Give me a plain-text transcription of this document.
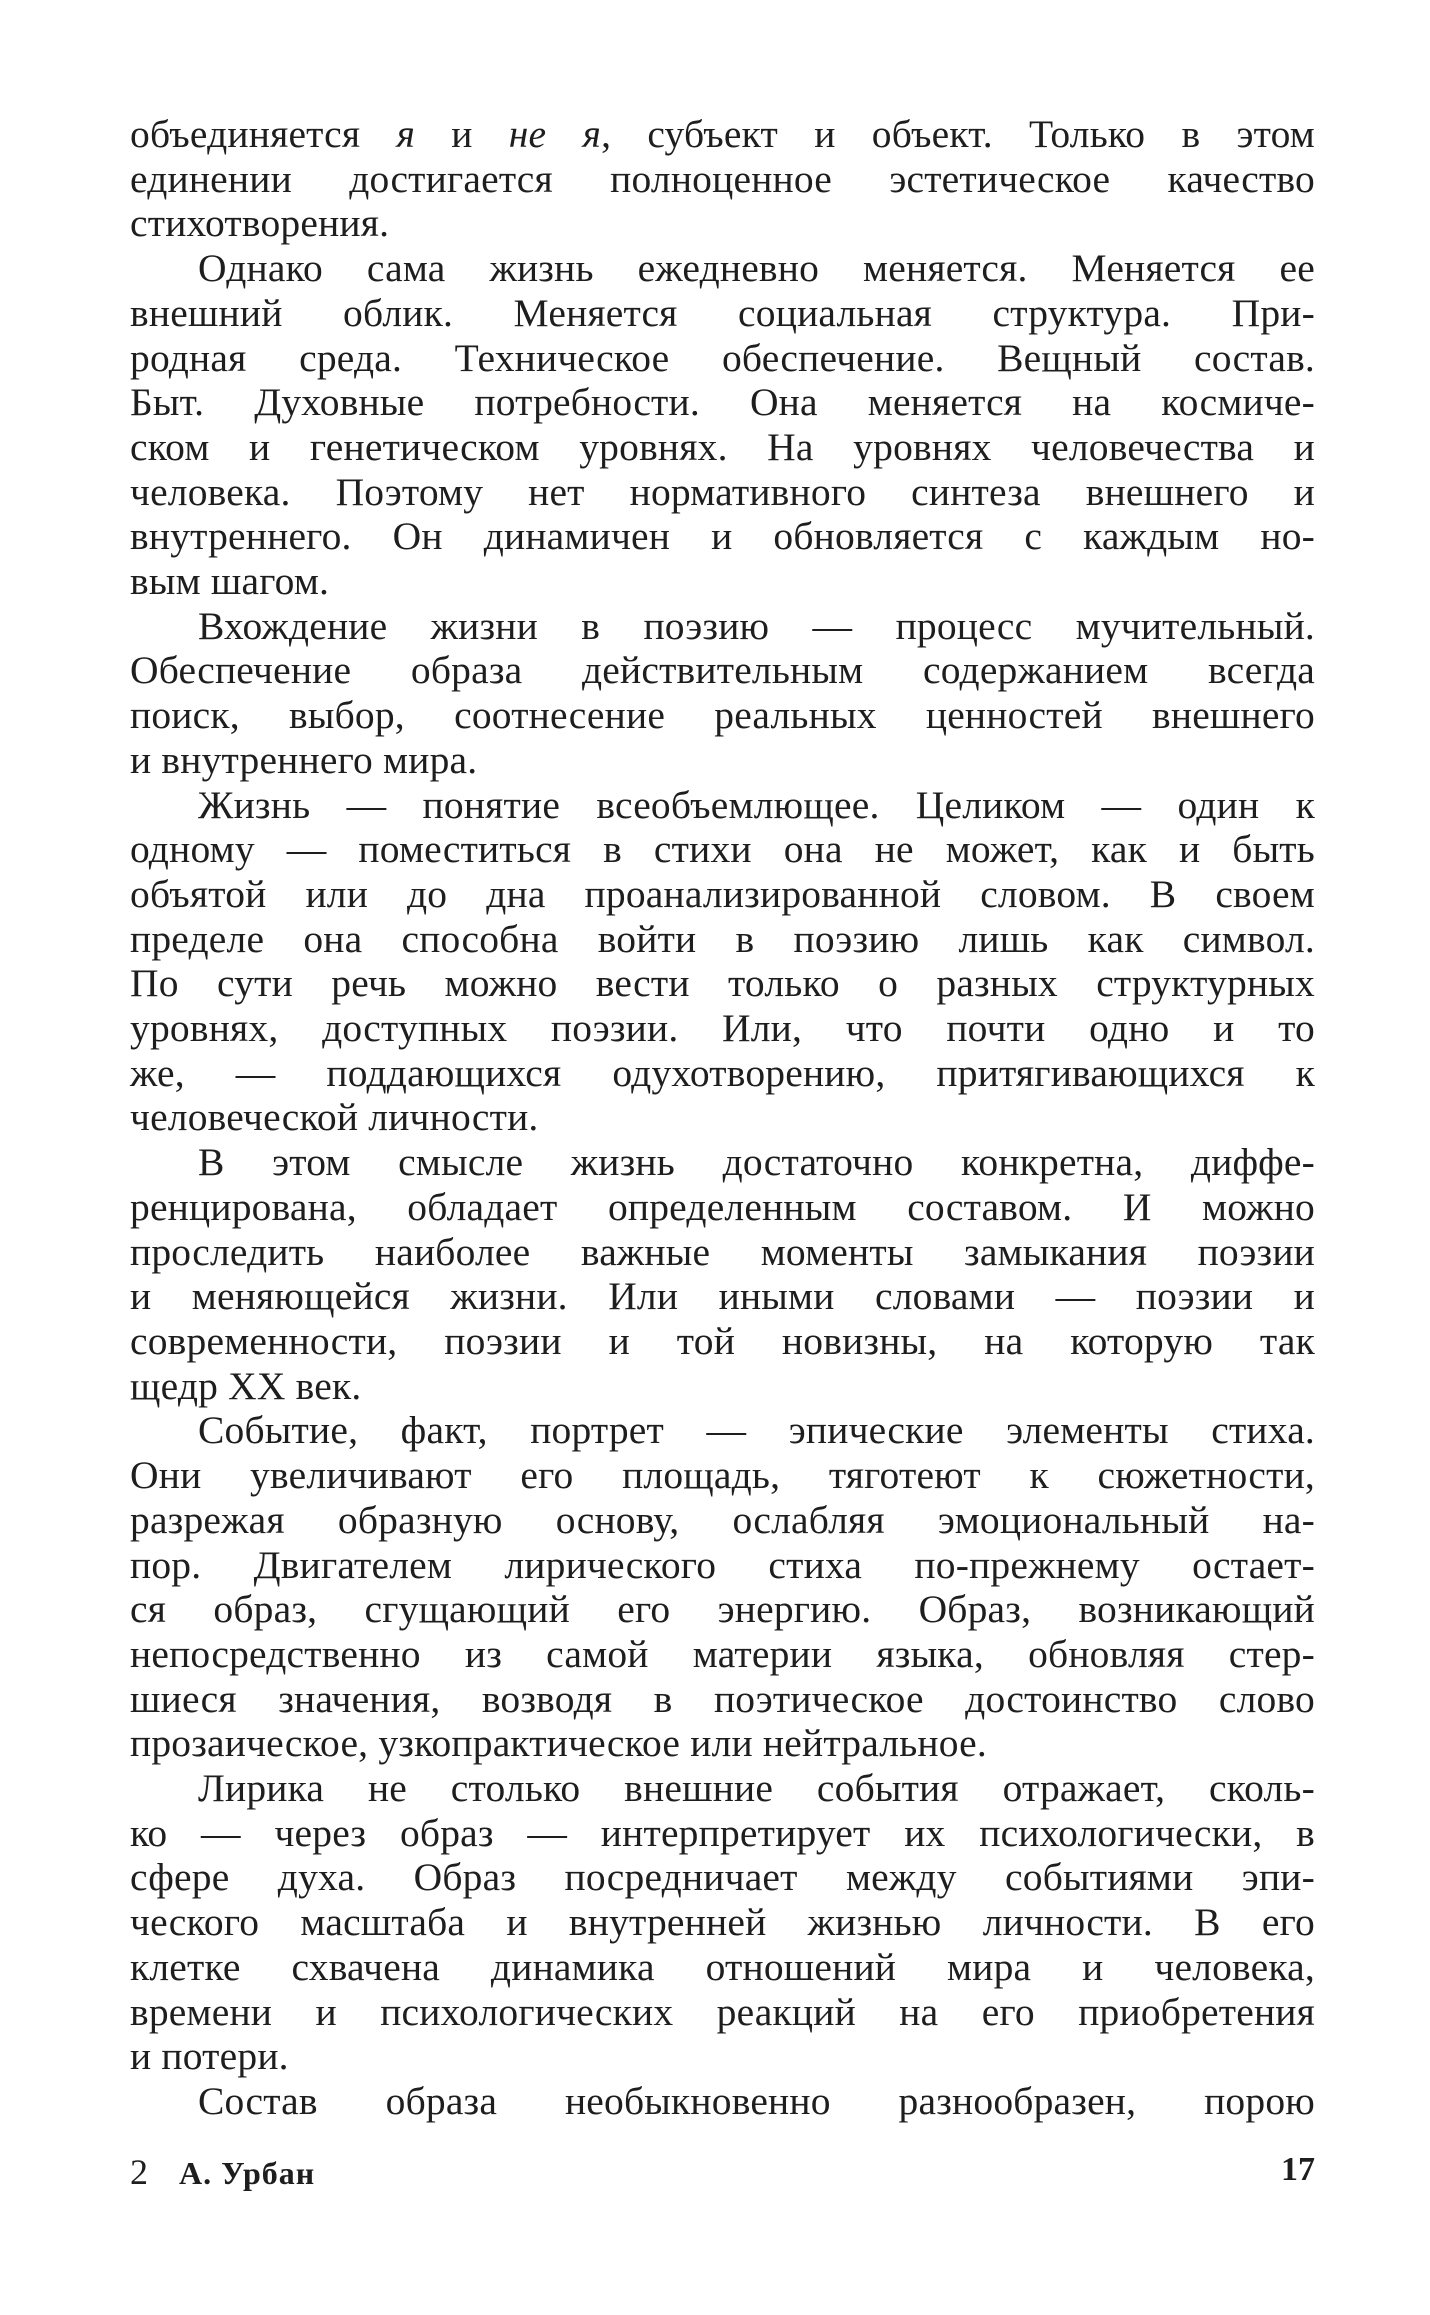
объединяется я и не я, субъект и объект. Только в этом
единении достигается полноценное эстетическое качество
стихотворения.
Однако сама жизнь ежедневно меняется. Меняется ее
внешний облик. Меняется социальная структура. При-
родная среда. Техническое обеспечение. Вещный состав.
Быт. Духовные потребности. Она меняется на космиче-
ском и генетическом уровнях. На уровнях человечества и
человека. Поэтому нет нормативного синтеза внешнего и
внутреннего. Он динамичен и обновляется с каждым но-
вым шагом.
Вхождение жизни в поэзию — процесс мучительный.
Обеспечение образа действительным содержанием всегда
поиск, выбор, соотнесение реальных ценностей внешнего
и внутреннего мира.
Жизнь — понятие всеобъемлющее. Целиком — один к
одному — поместиться в стихи она не может, как и быть
объятой или до дна проанализированной словом. В своем
пределе она способна войти в поэзию лишь как символ.
По сути речь можно вести только о разных структурных
уровнях, доступных поэзии. Или, что почти одно и то
же, — поддающихся одухотворению, притягивающихся к
человеческой личности.
В этом смысле жизнь достаточно конкретна, диффе-
ренцирована, обладает определенным составом. И можно
проследить наиболее важные моменты замыкания поэзии
и меняющейся жизни. Или иными словами — поэзии и
современности, поэзии и той новизны, на которую так
щедр XX век.
Событие, факт, портрет — эпические элементы стиха.
Они увеличивают его площадь, тяготеют к сюжетности,
разрежая образную основу, ослабляя эмоциональный на-
пор. Двигателем лирического стиха по-прежнему остает-
ся образ, сгущающий его энергию. Образ, возникающий
непосредственно из самой материи языка, обновляя стер-
шиеся значения, возводя в поэтическое достоинство слово
прозаическое, узкопрактическое или нейтральное.
Лирика не столько внешние события отражает, сколь-
ко — через образ — интерпретирует их психологически, в
сфере духа. Образ посредничает между событиями эпи-
ческого масштаба и внутренней жизнью личности. В его
клетке схвачена динамика отношений мира и человека,
времени и психологических реакций на его приобретения
и потери.
Состав образа необыкновенно разнообразен, порою
2 А. Урбан	17
